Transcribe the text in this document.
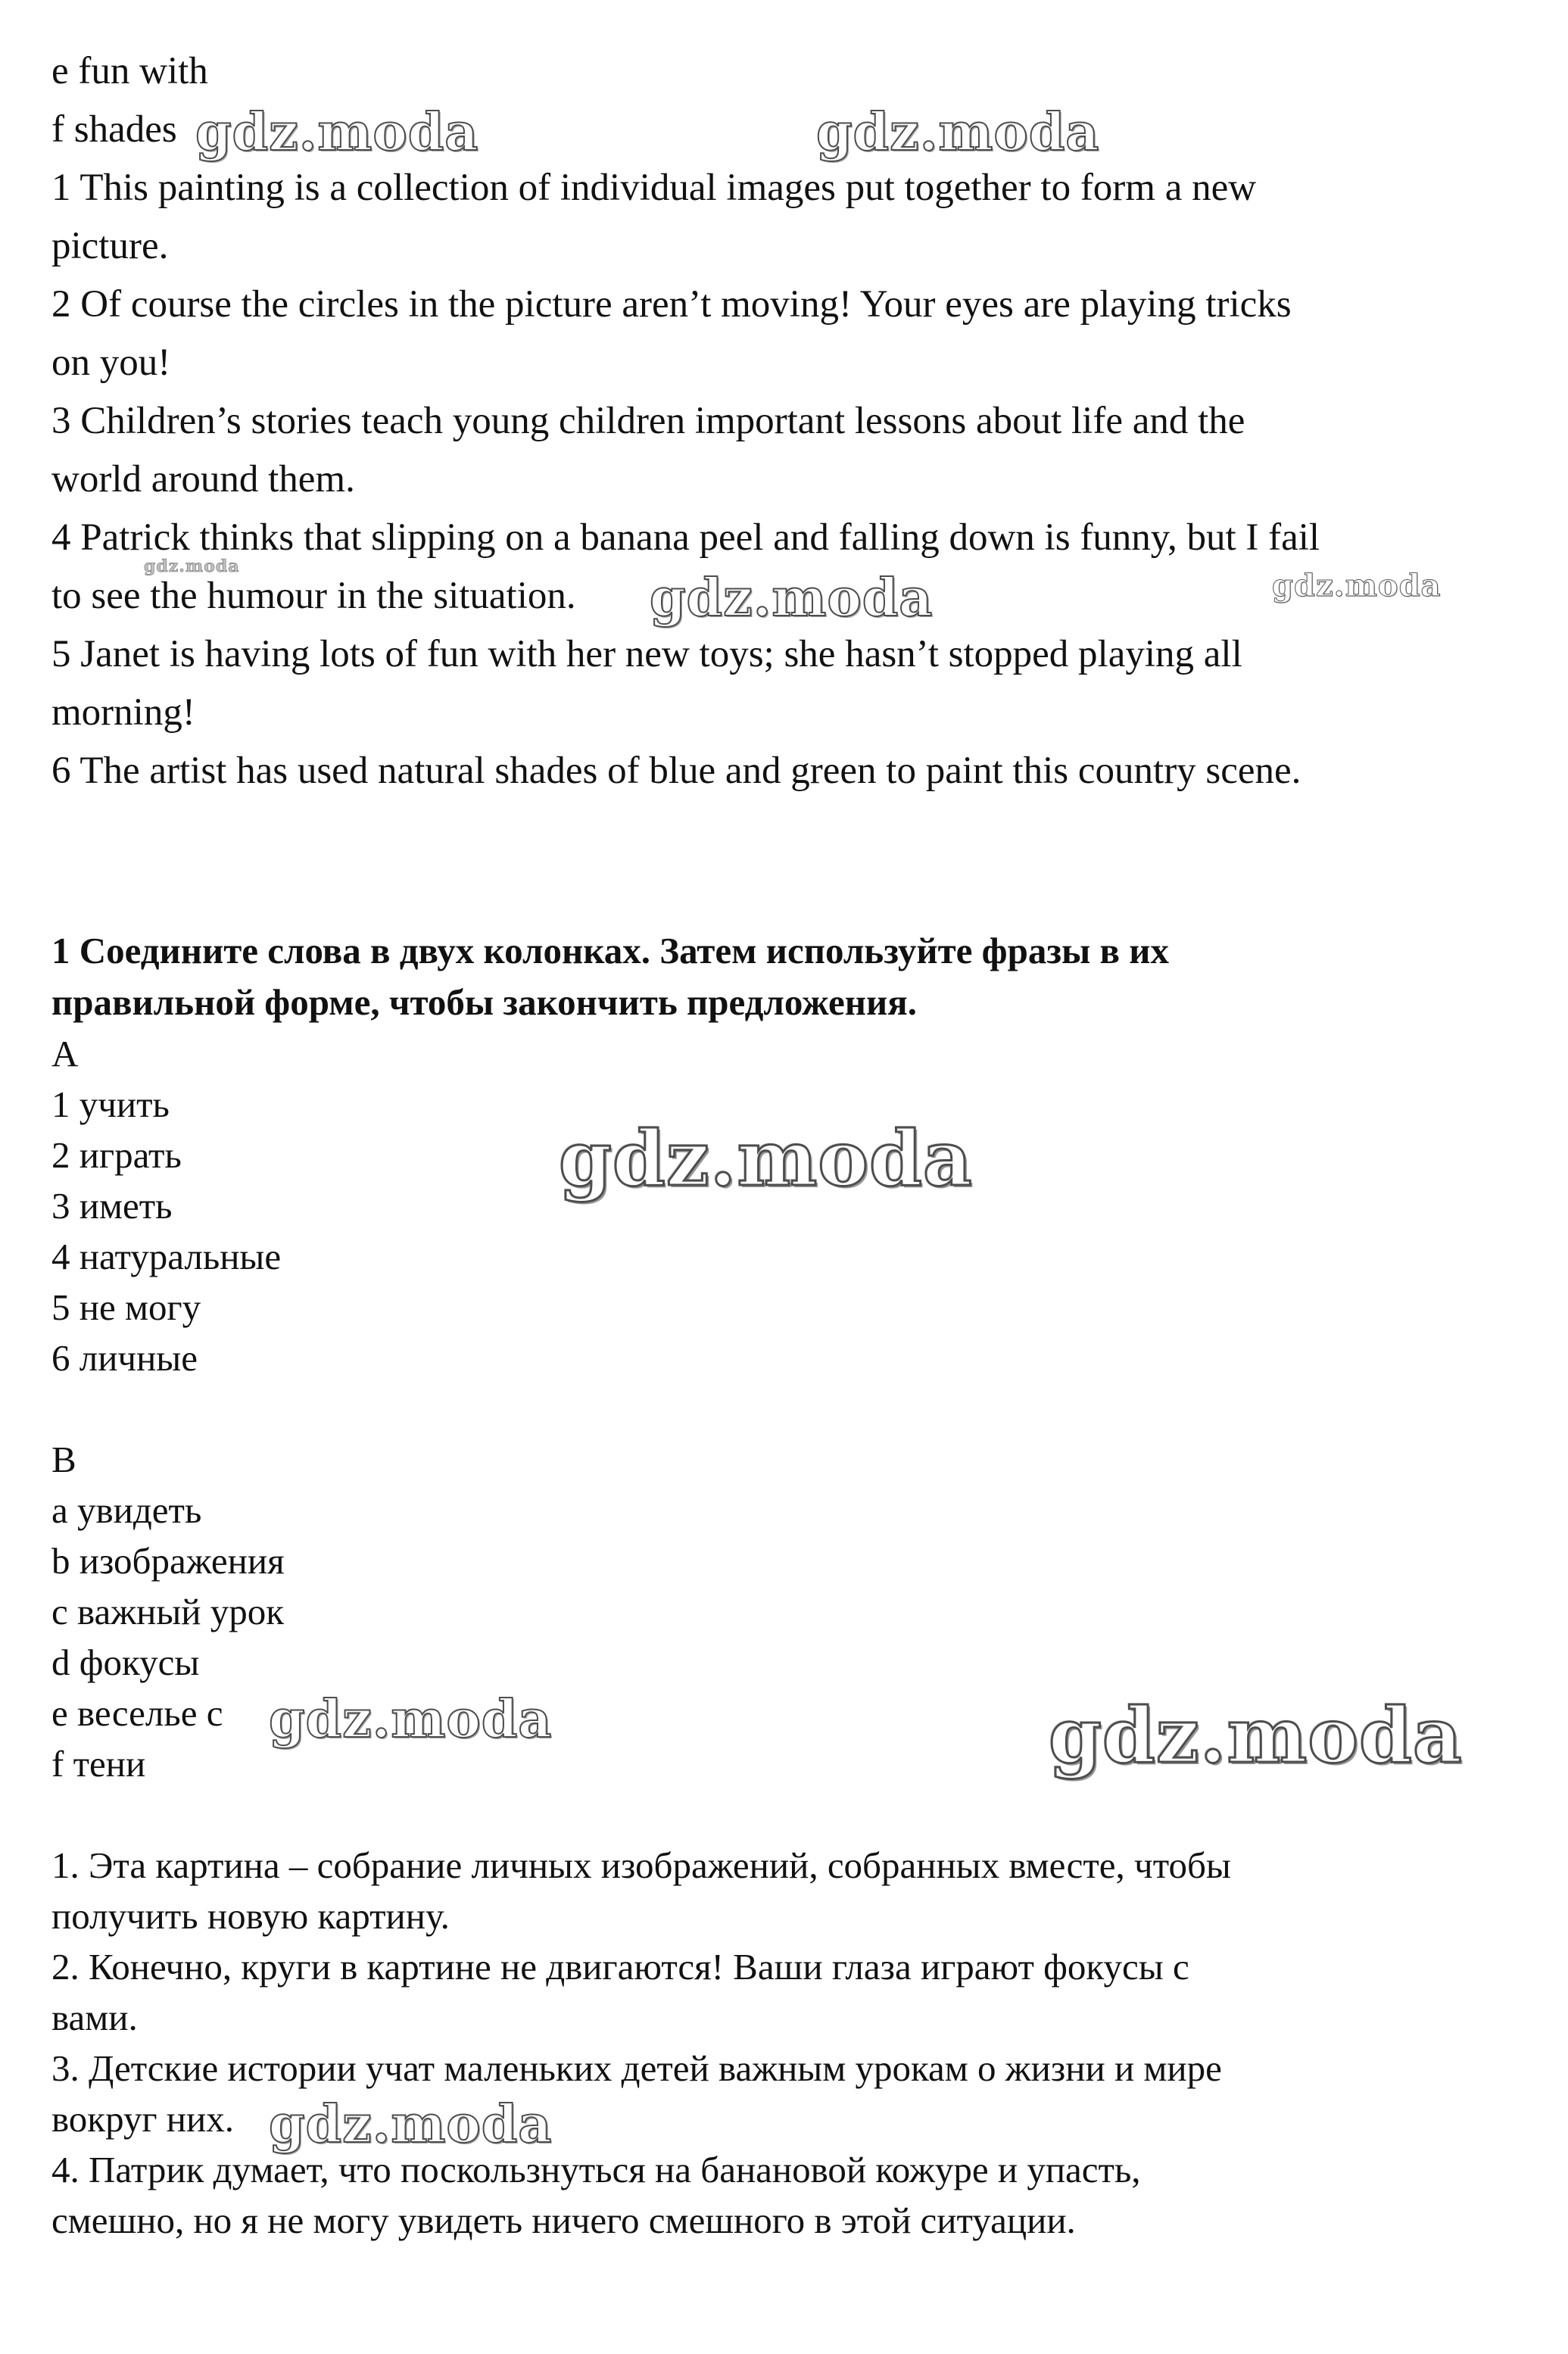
e fun with
f shades
1 This painting is a collection of individual images put together to form a new
picture.
2 Of course the circles in the picture aren’t moving! Your eyes are playing tricks
on you!
3 Children’s stories teach young children important lessons about life and the
world around them.
4 Patrick thinks that slipping on a banana peel and falling down is funny, but I fail
to see the humour in the situation.
5 Janet is having lots of fun with her new toys; she hasn’t stopped playing all
morning!
6 The artist has used natural shades of blue and green to paint this country scene.
1 Соедините слова в двух колонках. Затем используйте фразы в их
правильной форме, чтобы закончить предложения.
A
1 учить
2 играть
3 иметь
4 натуральные
5 не могу
6 личные
B
a увидеть
b изображения
c важный урок
d фокусы
e веселье с
f тени
1. Эта картина – собрание личных изображений, собранных вместе, чтобы
получить новую картину.
2. Конечно, круги в картине не двигаются! Ваши глаза играют фокусы с
вами.
3. Детские истории учат маленьких детей важным урокам о жизни и мире
вокруг них.
4. Патрик думает, что поскользнуться на банановой кожуре и упасть,
смешно, но я не могу увидеть ничего смешного в этой ситуации.
gdz.moda	gdz.moda
gdz.moda
gdz.moda	gdz.moda
gdz.moda
gdz.moda	gdz.moda
gdz.moda
